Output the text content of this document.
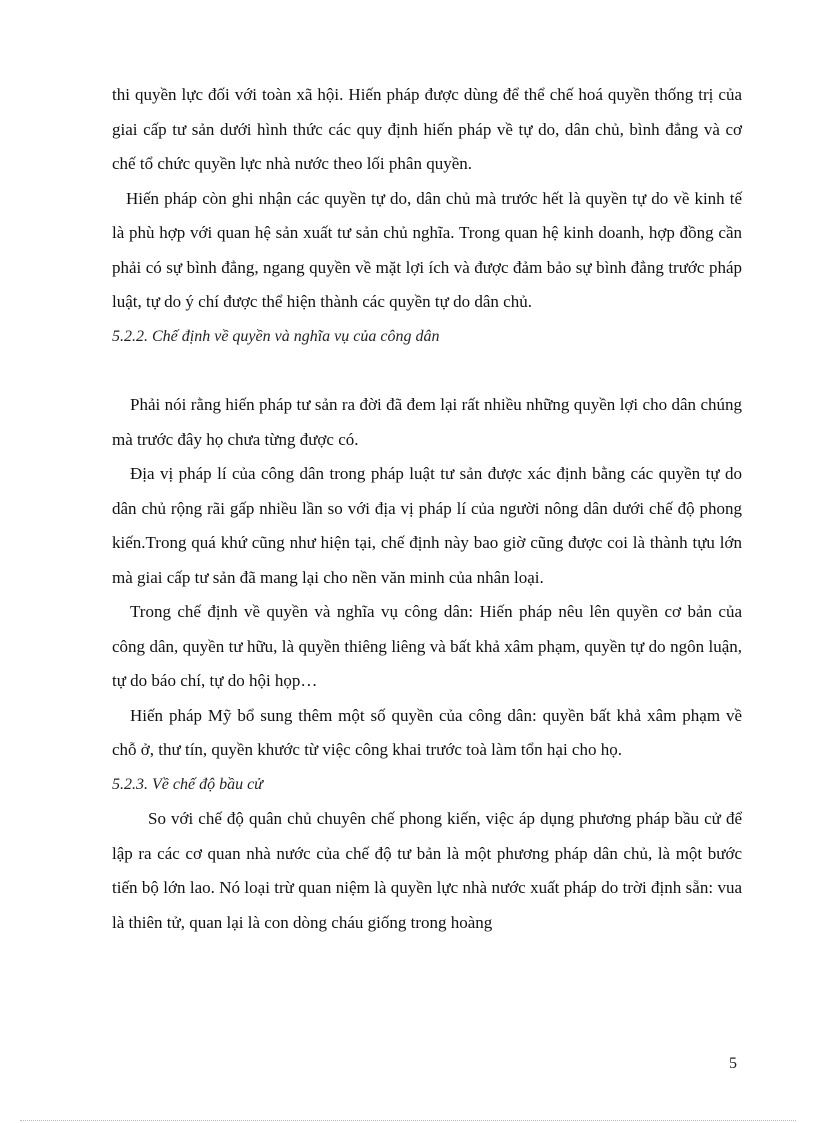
thi quyền lực đối với toàn xã hội. Hiến pháp được dùng để thể chế hoá quyền thống trị của giai cấp tư sản dưới hình thức các quy định hiến pháp về tự do, dân chủ, bình đẳng và cơ chế tổ chức quyền lực nhà nước theo lối phân quyền.

Hiến pháp còn ghi nhận các quyền tự do, dân chủ mà trước hết là quyền tự do về kinh tế là phù hợp với quan hệ sản xuất tư sản chủ nghĩa. Trong quan hệ kinh doanh, hợp đồng cần phải có sự bình đẳng, ngang quyền về mặt lợi ích và được đảm bảo sự bình đẳng trước pháp luật, tự do ý chí được thể hiện thành các quyền tự do dân chủ.

5.2.2. Chế định về quyền và nghĩa vụ của công dân

Phải nói rằng hiến pháp tư sản ra đời đã đem lại rất nhiều những quyền lợi cho dân chúng mà trước đây họ chưa từng được có.

Địa vị pháp lí của công dân trong pháp luật tư sản được xác định bằng các quyền tự do dân chủ rộng rãi gấp nhiều lần so với địa vị pháp lí của người nông dân dưới chế độ phong kiến.Trong quá khứ cũng như hiện tại, chế định này bao giờ cũng được coi là thành tựu lớn mà giai cấp tư sản đã mang lại cho nền văn minh của nhân loại.

Trong chế định về quyền và nghĩa vụ công dân: Hiến pháp nêu lên quyền cơ bản của công dân, quyền tư hữu, là quyền thiêng liêng và bất khả xâm phạm, quyền tự do ngôn luận, tự do báo chí, tự do hội họp…

Hiến pháp Mỹ bổ sung thêm một số quyền của công dân: quyền bất khả xâm phạm về chỗ ở, thư tín, quyền khước từ việc công khai trước toà làm tổn hại cho họ.

5.2.3. Về chế độ bầu cử

So với chế độ quân chủ chuyên chế phong kiến, việc áp dụng phương pháp bầu cử để lập ra các cơ quan nhà nước của chế độ tư bản là một phương pháp dân chủ, là một bước tiến bộ lớn lao. Nó loại trừ quan niệm là quyền lực nhà nước xuất pháp do trời định sẵn: vua là thiên tử, quan lại là con dòng cháu giống trong hoàng

5
